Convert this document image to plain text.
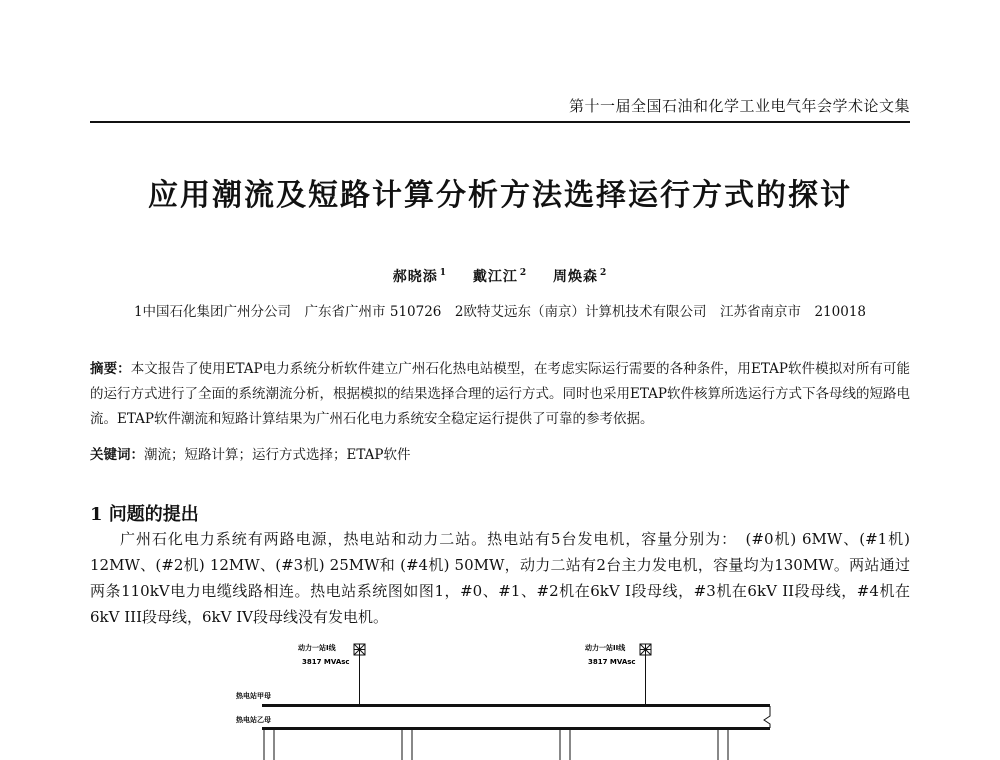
第十一届全国石油和化学工业电气年会学术论文集
应用潮流及短路计算分析方法选择运行方式的探讨
郝晓添 $^1$ 戴江江 $^2$ 周焕森 $^2$
1中国石化集团广州分公司　广东省广州市 510726　2欧特艾远东（南京）计算机技术有限公司　江苏省南京市　210018
摘要：本文报告了使用ETAP电力系统分析软件建立广州石化热电站模型，在考虑实际运行需要的各种条件，用ETAP软件模拟对所有可能的运行方式进行了全面的系统潮流分析，根据模拟的结果选择合理的运行方式。同时也采用ETAP软件核算所选运行方式下各母线的短路电流。ETAP软件潮流和短路计算结果为广州石化电力系统安全稳定运行提供了可靠的参考依据。
关键词：潮流；短路计算；运行方式选择；ETAP软件
1 问题的提出
广州石化电力系统有两路电源，热电站和动力二站。热电站有5台发电机，容量分别为：　(#0机) 6MW、(#1机) 12MW、(#2机) 12MW、(#3机) 25MW和 (#4机) 50MW，动力二站有2台主力发电机，容量均为130MW。两站通过两条110kV电力电缆线路相连。热电站系统图如图1，#0、#1、#2机在6kV I段母线，#3机在6kV II段母线，#4机在6kV III段母线，6kV IV段母线没有发电机。
动力一站I线
3817 MVAsc
动力一站II线
3817 MVAsc
热电站甲母
热电站乙母
